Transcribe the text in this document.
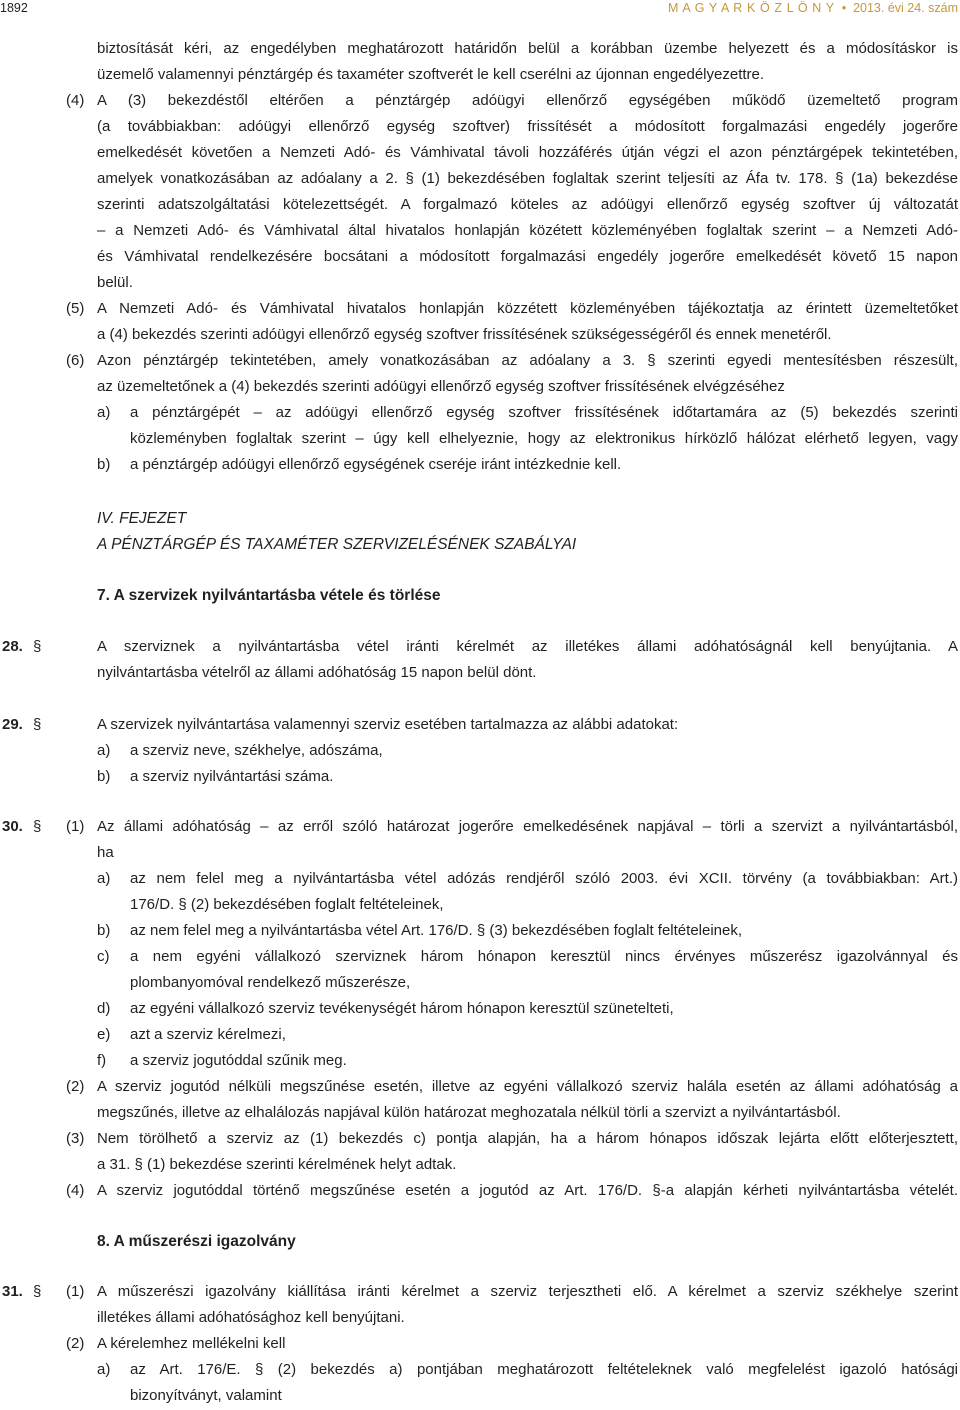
1892	M A G Y A R K Ö Z L Ö N Y • 2013. évi 24. szám
biztosítását kéri, az engedélyben meghatározott határidőn belül a korábban üzembe helyezett és a módosításkor is
üzemelő valamennyi pénztárgép és taxaméter szoftverét le kell cserélni az újonnan engedélyezettre.
(4) A (3) bekezdéstől eltérően a pénztárgép adóügyi ellenőrző egységében működő üzemeltető program
(a továbbiakban: adóügyi ellenőrző egység szoftver) frissítését a módosított forgalmazási engedély jogerőre
emelkedését követően a Nemzeti Adó- és Vámhivatal távoli hozzáférés útján végzi el azon pénztárgépek tekintetében,
amelyek vonatkozásában az adóalany a 2. § (1) bekezdésében foglaltak szerint teljesíti az Áfa tv. 178. § (1a) bekezdése
szerinti adatszolgáltatási kötelezettségét. A forgalmazó köteles az adóügyi ellenőrző egység szoftver új változatát
– a Nemzeti Adó- és Vámhivatal által hivatalos honlapján közétett közleményében foglaltak szerint – a Nemzeti Adó-
és Vámhivatal rendelkezésére bocsátani a módosított forgalmazási engedély jogerőre emelkedését követő 15 napon
belül.
(5) A Nemzeti Adó- és Vámhivatal hivatalos honlapján közzétett közleményében tájékoztatja az érintett üzemeltetőket
a (4) bekezdés szerinti adóügyi ellenőrző egység szoftver frissítésének szükségességéről és ennek menetéről.
(6) Azon pénztárgép tekintetében, amely vonatkozásában az adóalany a 3. § szerinti egyedi mentesítésben részesült,
az üzemeltetőnek a (4) bekezdés szerinti adóügyi ellenőrző egység szoftver frissítésének elvégzéséhez
a) a pénztárgépét – az adóügyi ellenőrző egység szoftver frissítésének időtartamára az (5) bekezdés szerinti
közleményben foglaltak szerint – úgy kell elhelyeznie, hogy az elektronikus hírközlő hálózat elérhető legyen, vagy
b) a pénztárgép adóügyi ellenőrző egységének cseréje iránt intézkednie kell.
IV. FEJEZET
A PÉNZTÁRGÉP ÉS TAXAMÉTER SZERVIZELÉSÉNEK SZABÁLYAI
7. A szervizek nyilvántartásba vétele és törlése
28. §	A szerviznek a nyilvántartásba vétel iránti kérelmét az illetékes állami adóhatóságnál kell benyújtania. A
nyilvántartásba vételről az állami adóhatóság 15 napon belül dönt.
29. §	A szervizek nyilvántartása valamennyi szerviz esetében tartalmazza az alábbi adatokat:
a) a szerviz neve, székhelye, adószáma,
b) a szerviz nyilvántartási száma.
30. § (1) Az állami adóhatóság – az erről szóló határozat jogerőre emelkedésének napjával – törli a szervizt a nyilvántartásból,
ha
a) az nem felel meg a nyilvántartásba vétel adózás rendjéről szóló 2003. évi XCII. törvény (a továbbiakban: Art.)
176/D. § (2) bekezdésében foglalt feltételeinek,
b) az nem felel meg a nyilvántartásba vétel Art. 176/D. § (3) bekezdésében foglalt feltételeinek,
c) a nem egyéni vállalkozó szerviznek három hónapon keresztül nincs érvényes műszerész igazolvánnyal és
plombanyomóval rendelkező műszerésze,
d) az egyéni vállalkozó szerviz tevékenységét három hónapon keresztül szünetelteti,
e) azt a szerviz kérelmezi,
f) a szerviz jogutóddal szűnik meg.
(2) A szerviz jogutód nélküli megszűnése esetén, illetve az egyéni vállalkozó szerviz halála esetén az állami adóhatóság a
megszűnés, illetve az elhalálozás napjával külön határozat meghozatala nélkül törli a szervizt a nyilvántartásból.
(3) Nem törölhető a szerviz az (1) bekezdés c) pontja alapján, ha a három hónapos időszak lejárta előtt előterjesztett,
a 31. § (1) bekezdése szerinti kérelmének helyt adtak.
(4) A szerviz jogutóddal történő megszűnése esetén a jogutód az Art. 176/D. §-a alapján kérheti nyilvántartásba vételét.
8. A műszerészi igazolvány
31. § (1) A műszerészi igazolvány kiállítása iránti kérelmet a szerviz terjesztheti elő. A kérelmet a szerviz székhelye szerint
illetékes állami adóhatósághoz kell benyújtani.
(2) A kérelemhez mellékelni kell
a) az Art. 176/E. § (2) bekezdés a) pontjában meghatározott feltételeknek való megfelelést igazoló hatósági
bizonyítványt, valamint
